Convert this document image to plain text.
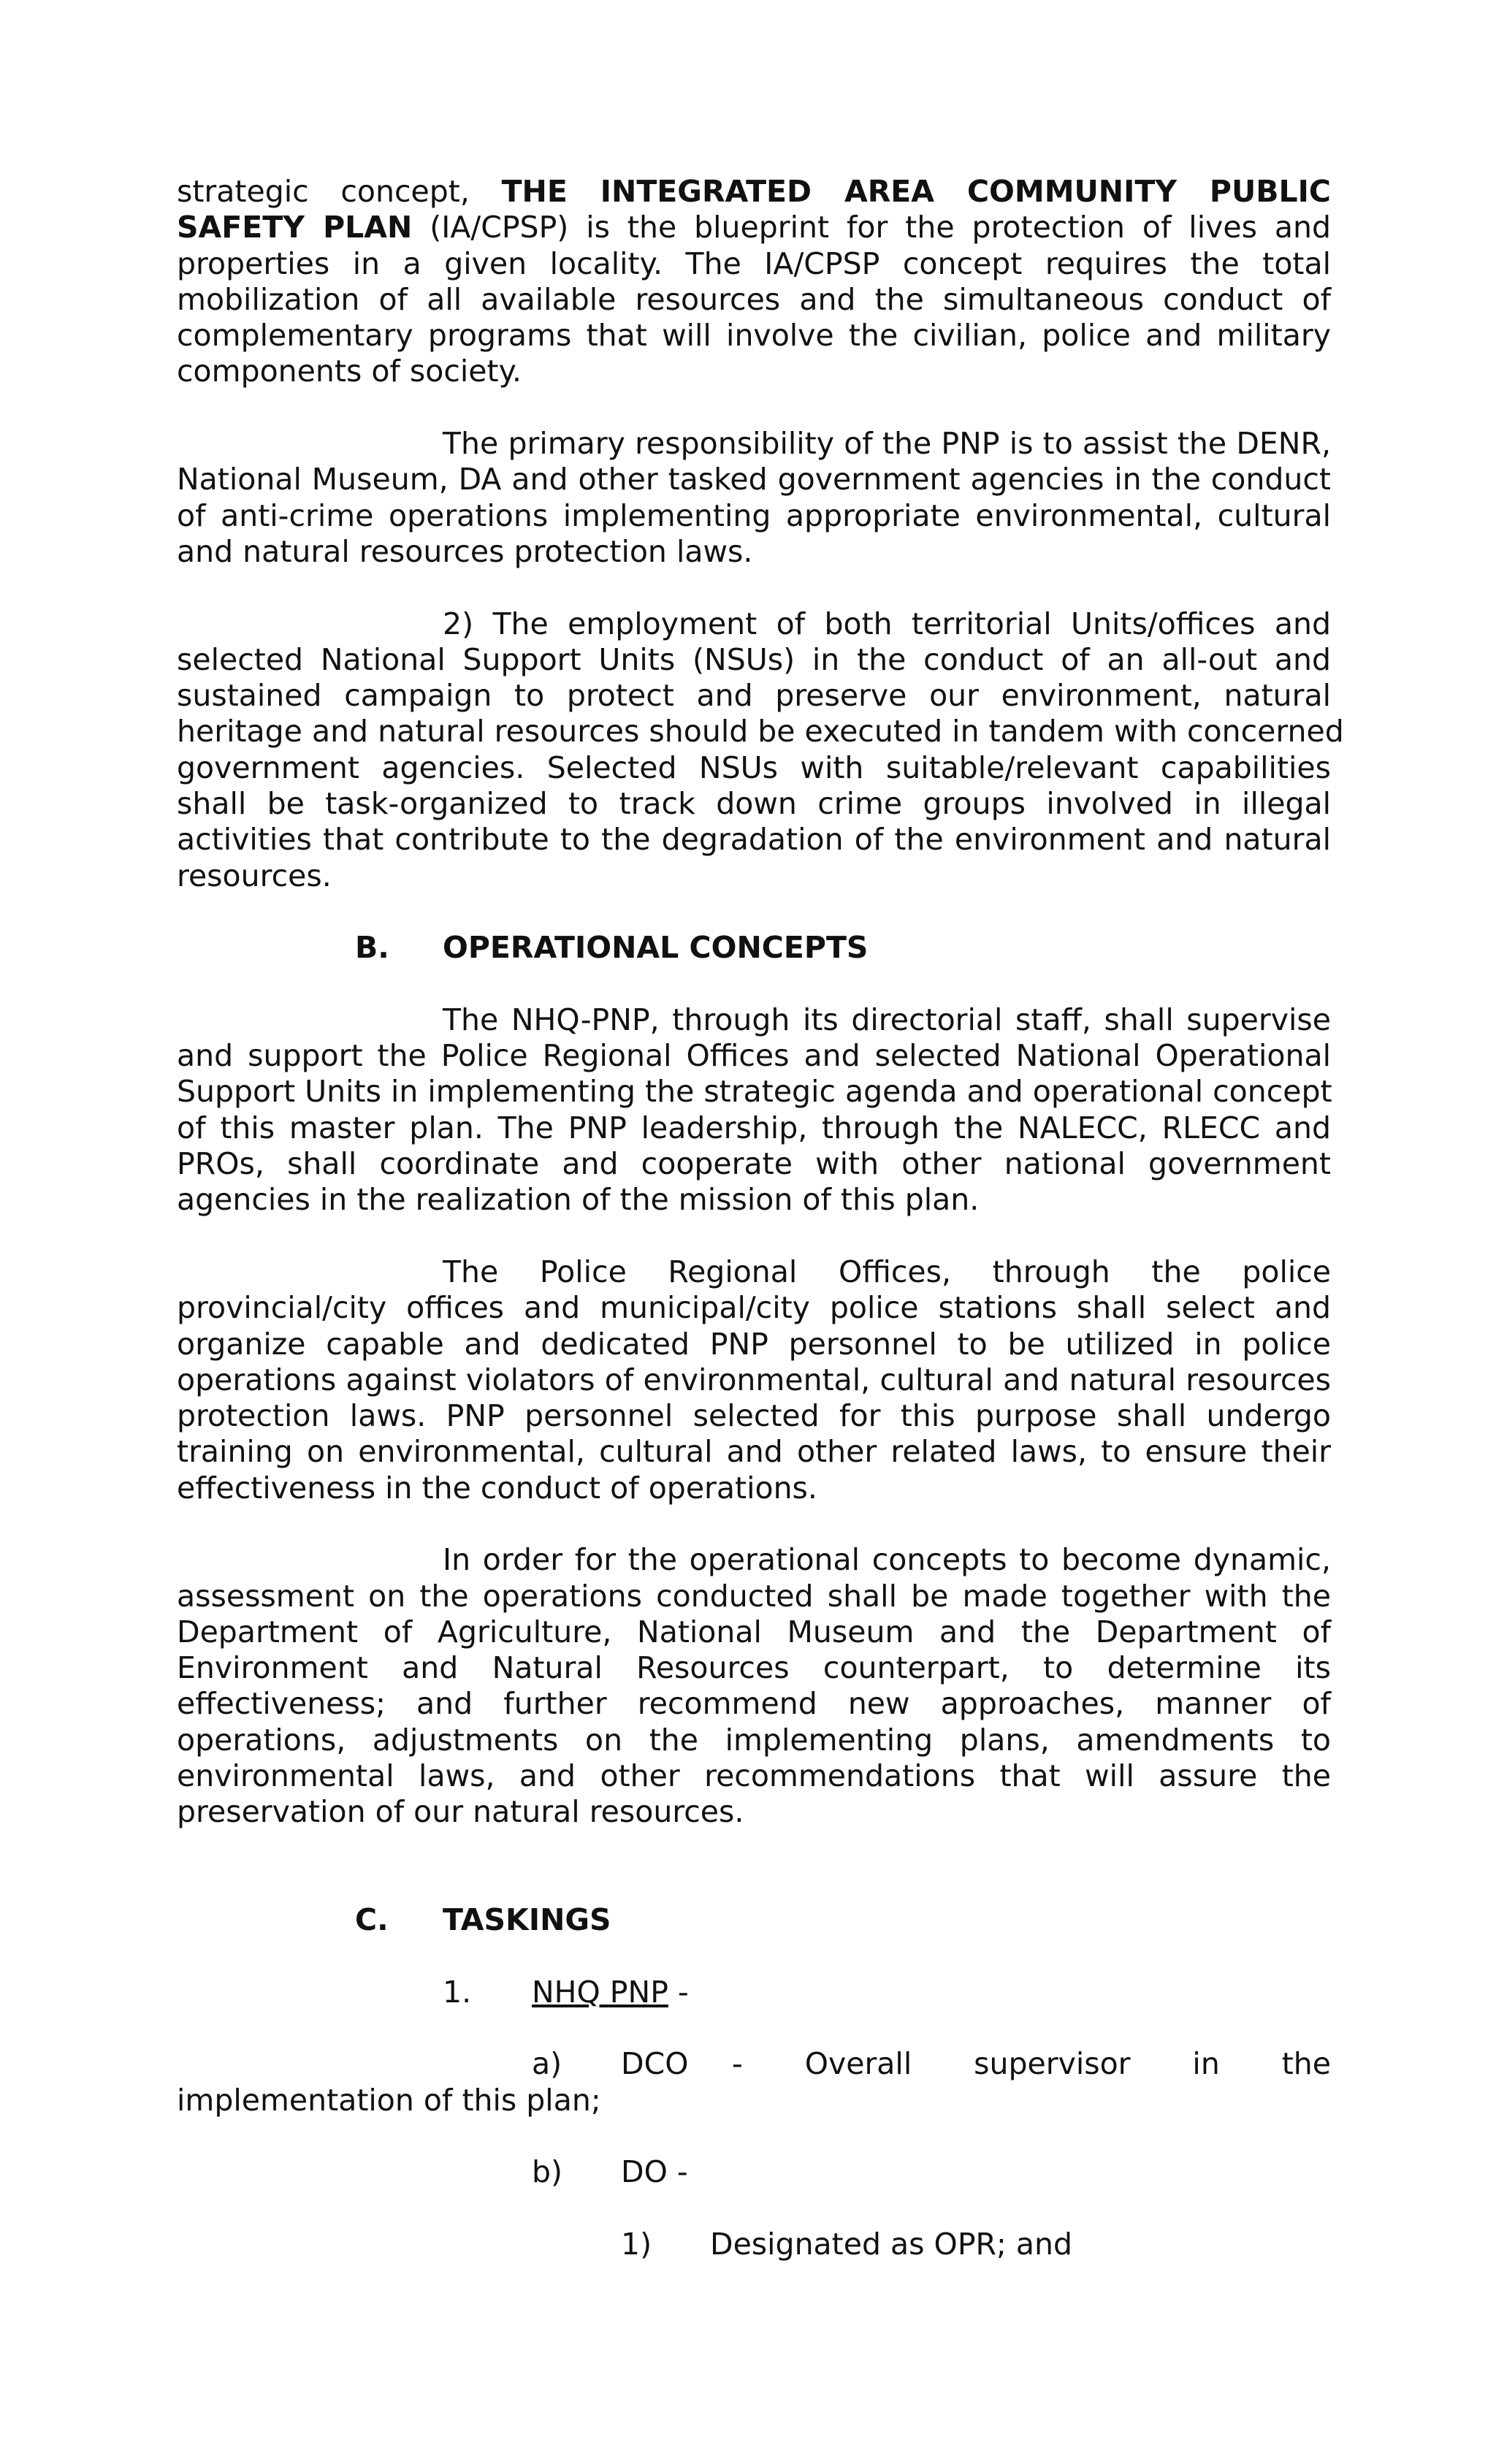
strategic concept, THE INTEGRATED AREA COMMUNITY PUBLIC

SAFETY PLAN (IA/CPSP) is the blueprint for the protection of lives and

properties in a given locality. The IA/CPSP concept requires the total

mobilization of all available resources and the simultaneous conduct of

complementary programs that will involve the civilian, police and military

components of society.

The primary responsibility of the PNP is to assist the DENR,

National Museum, DA and other tasked government agencies in the conduct

of anti-crime operations implementing appropriate environmental, cultural

and natural resources protection laws.

2) The employment of both territorial Units/offices and

selected National Support Units (NSUs) in the conduct of an all-out and

sustained campaign to protect and preserve our environment, natural

heritage and natural resources should be executed in tandem with concerned

government agencies. Selected NSUs with suitable/relevant capabilities

shall be task-organized to track down crime groups involved in illegal

activities that contribute to the degradation of the environment and natural

resources.

B. OPERATIONAL CONCEPTS

The NHQ-PNP, through its directorial staff, shall supervise

and support the Police Regional Offices and selected National Operational

Support Units in implementing the strategic agenda and operational concept

of this master plan. The PNP leadership, through the NALECC, RLECC and

PROs, shall coordinate and cooperate with other national government

agencies in the realization of the mission of this plan.

The Police Regional Offices, through the police

provincial/city offices and municipal/city police stations shall select and

organize capable and dedicated PNP personnel to be utilized in police

operations against violators of environmental, cultural and natural resources

protection laws. PNP personnel selected for this purpose shall undergo

training on environmental, cultural and other related laws, to ensure their

effectiveness in the conduct of operations.

In order for the operational concepts to become dynamic,

assessment on the operations conducted shall be made together with the

Department of Agriculture, National Museum and the Department of

Environment and Natural Resources counterpart, to determine its

effectiveness; and further recommend new approaches, manner of

operations, adjustments on the implementing plans, amendments to

environmental laws, and other recommendations that will assure the

preservation of our natural resources.

C. TASKINGS
1. NHQ PNP -
a) DCO - Overall supervisor in the

implementation of this plan;

b) DO -
1) Designated as OPR; and
